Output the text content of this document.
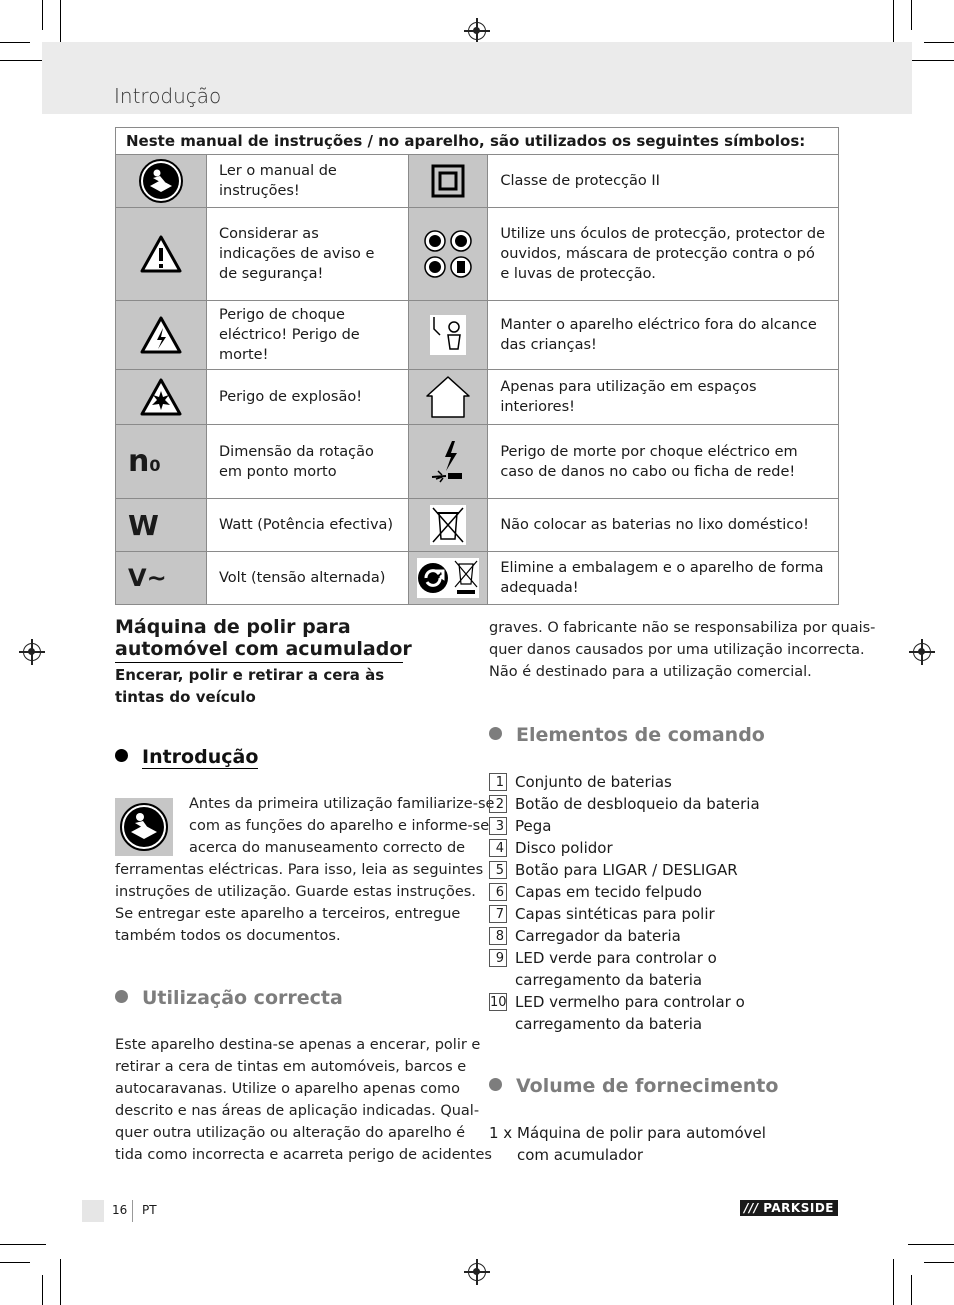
Introdução
Neste manual de instruções / no aparelho, são utilizados os seguintes símbolos:			

	Ler o manual de instruções!		Classe de protecção II

	Considerar as indicações de aviso e de segurança!		Utilize uns óculos de protecção, protector de ouvidos, máscara de protecção contra o pó e luvas de protecção.

	Perigo de choque eléctrico! Perigo de morte!		Manter o aparelho eléctrico fora do alcance das crianças!

	Perigo de explosão!		Apenas para utilização em espaços interiores!
n0	Dimensão da rotação em ponto morto		Perigo de morte por choque eléctrico em caso de danos no cabo ou ficha de rede!
W	Watt (Potência efectiva)		Não colocar as baterias no lixo doméstico!
V~	Volt (tensão alternada)		Elimine a embalagem e o aparelho de forma adequada!
Máquina de polir para
automóvel com acumulador
Encerar, polir e retirar a cera às
tintas do veículo
Introdução
Antes da primeira utilização familiarize-se
com as funções do aparelho e informe-se
acerca do manuseamento correcto de
ferramentas eléctricas. Para isso, leia as seguintes
instruções de utilização. Guarde estas instruções.
Se entregar este aparelho a terceiros, entregue
também todos os documentos.
Utilização correcta
Este aparelho destina-se apenas a encerar, polir e
retirar a cera de tintas em automóveis, barcos e
autocaravanas. Utilize o aparelho apenas como
descrito e nas áreas de aplicação indicadas. Qual-
quer outra utilização ou alteração do aparelho é
tida como incorrecta e acarreta perigo de acidentes
graves. O fabricante não se responsabiliza por quais-
quer danos causados por uma utilização incorrecta.
Não é destinado para a utilização comercial.
Elementos de comando
1 Conjunto de baterias
2 Botão de desbloqueio da bateria
3 Pega
4 Disco polidor
5 Botão para LIGAR / DESLIGAR
6 Capas em tecido felpudo
7 Capas sintéticas para polir
8 Carregador da bateria
9 LED verde para controlar o
carregamento da bateria
10 LED vermelho para controlar o
carregamento da bateria
Volume de fornecimento
1 x Máquina de polir para automóvel
com acumulador
16 PT	/// PARKSIDE
